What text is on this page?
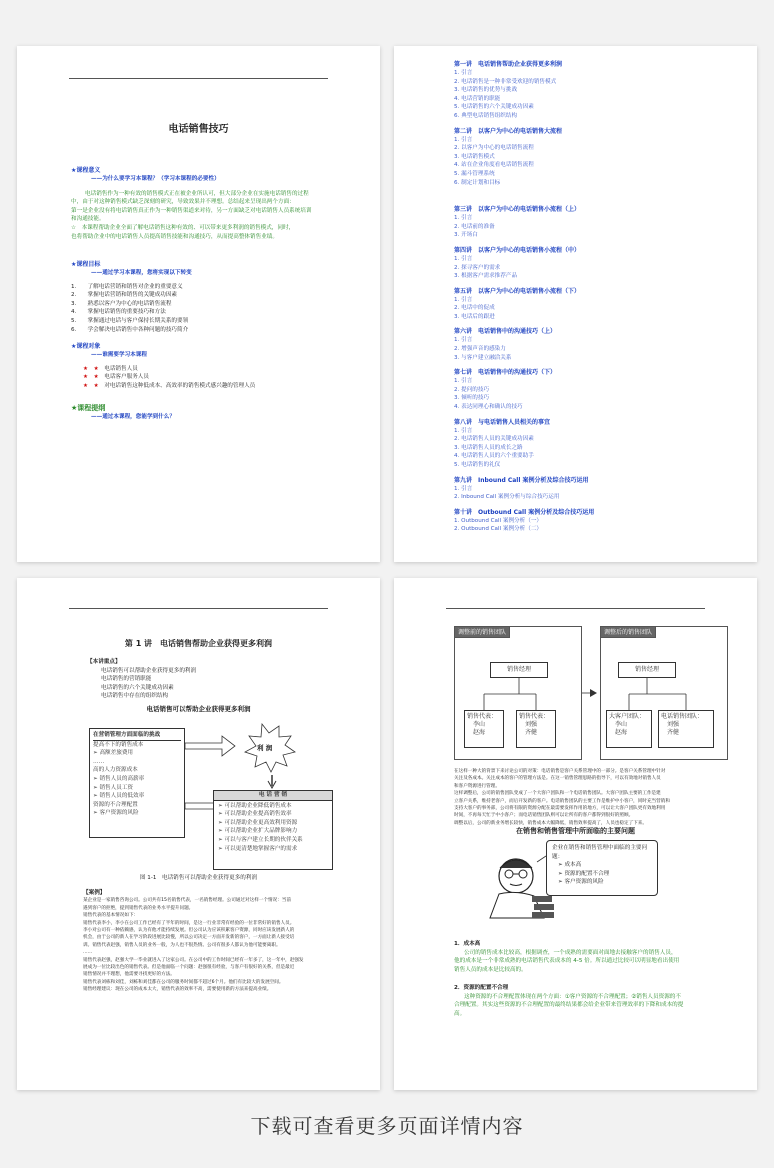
电话销售技巧

★课程意义

——为什么要学习本课程？（学习本课程的必要性）

电话销售作为一种有效的销售模式正在被企业所认可，但大部分企业在实施电话销售的过程

中，由于对这种销售模式缺乏深刻的研究，导致效果并不理想。总结起来呈现出两个方面：

第一是企业没有将电话销售真正作为一种销售渠道来对待，另一方面缺乏对电话销售人员系统培训

和沟通技能。

☆　本课程帮助企业全面了解电话销售这种有效的、可以带来更多利润的销售模式，同时，

也将帮助企业中的电话销售人员提高销售技能和沟通技巧，从而提高整体销售业绩。

★课程目标

——通过学习本课程，您将实现以下转变

1.　　了解电话营销和销售对企业的重要意义

2.　　掌握电话营销和销售的关键成功因素

3.　　熟悉以客户为中心的电话销售流程

4.　　掌握电话销售的重要技巧和方法

5.　　掌握通过电话与客户保持长期关系的要领

6.　　学会解决电话销售中各种问题的技巧简介

★课程对象

——谁需要学习本课程

★　★　电话销售人员

★　★　电话客户服务人员

★　★　对电话销售这种低成本、高效率的销售模式感兴趣的管理人员

★课程提纲

——通过本课程，您能学到什么？

第一讲　电话销售帮助企业获得更多利润

1. 引言

2. 电话销售是一种非常受欢迎的销售模式

3. 电话销售的优势与挑战

4. 电话营销的职能

5. 电话销售的六个关键成功因素

6. 典型电话销售组织结构

第二讲　以客户为中心的电话销售大流程

1. 引言

2. 以客户为中心的电话销售流程

3. 电话销售模式

4. 站在企业角度看电话销售流程

5. 漏斗管理系统

6. 制定计划和目标

第三讲　以客户为中心的电话销售小流程（上）

1. 引言

2. 电话前的准备

3. 开场白

第四讲　以客户为中心的电话销售小流程（中）

1. 引言

2. 探寻客户的需求

3. 根据客户需求推荐产品

第五讲　以客户为中心的电话销售小流程（下）

1. 引言

2. 电话中的促成

3. 电话后的跟进

第六讲　电话销售中的沟通技巧（上）

1. 引言

2. 增强声音的感染力

3. 与客户建立融洽关系

第七讲　电话销售中的沟通技巧（下）

1. 引言

2. 提问的技巧

3. 倾听的技巧

4. 表达同理心和确认的技巧

第八讲　与电话销售人员相关的事宜

1. 引言

2. 电话销售人员的关键成功因素

3. 电话销售人员的成长之路

4. 电话销售人员的六个重要助手

5. 电话销售的礼仪

第九讲　Inbound Call 案例分析及综合技巧运用

1. 引言

2. Inbound Call 案例分析与综合技巧运用

第十讲　Outbound Call 案例分析及综合技巧运用

1. Outbound Call 案例分析（一）

2. Outbound Call 案例分析（二）

第 1 讲　电话销售帮助企业获得更多利润

【本讲重点】

电话销售可以帮助企业获得更多的利润

电话销售的营销职能

电话销售的六个关键成功因素

电话销售中存在的组织结构

电话销售可以帮助企业获得更多利润

在营销管理方面面临的挑战

提高不下的销售成本

➢ 高额差旅费用

……

高的人力资源成本

➢ 销售人员的高薪率

➢ 销售人员工资

➢ 销售人员的低效率

资源的不合理配置

➢ 客户资源的风险

利 润

电 话 营 销

➢ 可以帮助企业降低销售成本

➢ 可以帮助企业提高销售效率

➢ 可以帮助企业更高效利用资源

➢ 可以帮助企业扩大品牌影响力

➢ 可以与客户建立长期的伙伴关系

➢ 可以更清楚地掌握客户的需求

图 1-1　电话销售可以帮助企业获得更多的利润

【案例】

某企业是一家销售咨询公司。公司共有15名销售代表，一名销售经理。公司通过对这样一个情况：当前

遇到客户的拒绝，提到销售代表的业务水平提升问题。

销售代表的基本情况如下：

销售代表李小，李小在公司工作已经有了半年的时间，是这一行业非常有经验的一位非常好的销售人员。

李小对公司有一种依赖感，认为有他才能持续发展。但公司认为应该积累客户资源，同时应该发展新人的

机会，由于公司的新人在学习阶段进展比较慢，所以公司决定一方面开发新的客户，一方面让新人接受培

训。销售代表赵强，销售人员的业务一般，为人也不很热情。公司有很多人都认为他可能要离职。

……

销售代表赵强，赵强大学一毕业就进入了这家公司。在公司中的工作时间已经有一年多了，这一年中，赵强发

展成为一位比较出色的销售代表。但是他面临一个问题：赵强很有经验，与客户有很好的关系，但是最近

销售情况并不理想，他需要寻找更好的方法。

销售代表刘栋和刘佳，刘栋和刘佳都在公司的服务时间都不超过6个月。他们有比较大的发展空间。

销售经理建议：现在公司的成本太大，销售代表的效率不高，需要使用新的方法来提高业绩。

调整前的销售团队
销售经理

销售代表：

李山

赵海

销售代表：

刘强

齐健

调整后的销售团队
销售经理

大客户团队：

李山

赵海

电话销售团队：

刘强

齐健

在这样一种大的背景下来讨论公司的对策：电话销售是客户关系管理中的一部分。是客户关系管理中针对

关注及各成本。关注成本的客户的管理方法是。在这一销售管理思路的指导下，可以有效地对销售人员

和客户资源进行管理。

这样调整后，公司的销售团队变成了一个大客户团队和一个电话销售团队。大客户团队主要的工作是建

立客户关系，维持老客户，而后开发新的客户。电话销售团队的主要工作是维护中小客户，同时充当营销和

支持大客户的事务部，公司将有限的资源分配在最需要发挥作用的地方，可以让大客户团队更有效地利用

时间，不再每天忙于中小客户；而电话销售团队则可以让所有的客户都得到很好的照顾。

调整以后，公司的新业务增长较快，销售成本大幅降低，销售效率提高了，人员也稳定了下来。

在销售和销售管理中所面临的主要问题

企业在销售和销售管理中面临的主要问题：

➢ 成本高

➢ 资源的配置不合理

➢ 客户资源的风险

1．成本高

公司的销售成本比较高，根据调查，一个成熟的需要面对面地去接触客户的销售人员，

他的成本是一个非常成熟的电话销售代表成本的 4-5 倍。所以通过比较可以明显地看出使用

销售人员的成本是比较高的。

2．资源的配置不合理

这种资源的不合理配置体现在两个方面：①客户资源的不合理配置；②销售人员资源的不

合理配置。其实这些资源的不合理配置的最终结果都会给企业带来管理效率的下降和成本的提

高。

下载可查看更多页面详情内容
